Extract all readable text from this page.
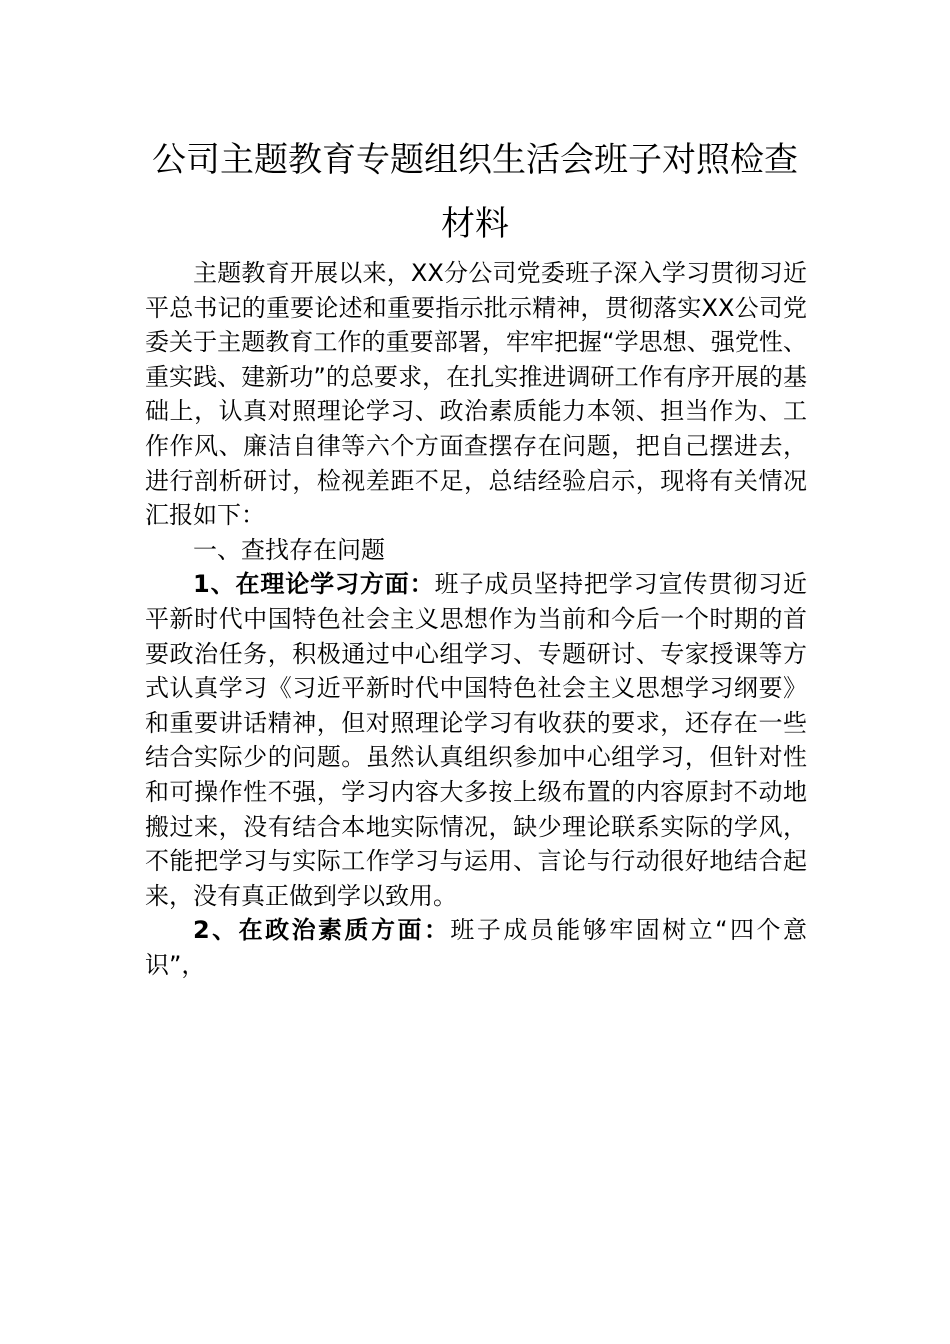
公司主题教育专题组织生活会班子对照检查材料

主题教育开展以来，XX分公司党委班子深入学习贯彻习近平总书记的重要论述和重要指示批示精神，贯彻落实XX公司党委关于主题教育工作的重要部署，牢牢把握“学思想、强党性、重实践、建新功”的总要求，在扎实推进调研工作有序开展的基础上，认真对照理论学习、政治素质能力本领、担当作为、工作作风、廉洁自律等六个方面查摆存在问题，把自己摆进去，进行剖析研讨，检视差距不足，总结经验启示，现将有关情况汇报如下：

一、查找存在问题

1、在理论学习方面：班子成员坚持把学习宣传贯彻习近平新时代中国特色社会主义思想作为当前和今后一个时期的首要政治任务，积极通过中心组学习、专题研讨、专家授课等方式认真学习《习近平新时代中国特色社会主义思想学习纲要》和重要讲话精神，但对照理论学习有收获的要求，还存在一些结合实际少的问题。虽然认真组织参加中心组学习，但针对性和可操作性不强，学习内容大多按上级布置的内容原封不动地搬过来，没有结合本地实际情况，缺少理论联系实际的学风，不能把学习与实际工作学习与运用、言论与行动很好地结合起来，没有真正做到学以致用。

2、在政治素质方面：班子成员能够牢固树立“四个意识”，
